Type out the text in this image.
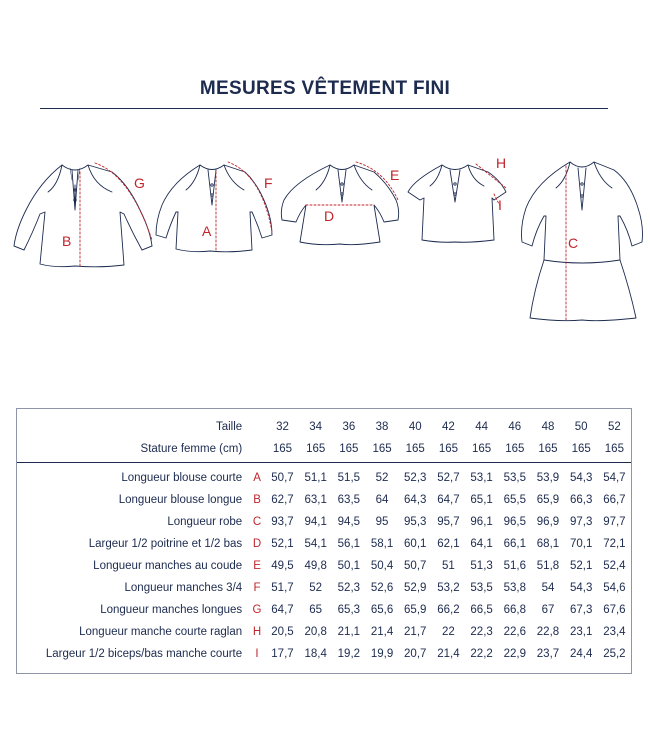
MESURES VÊTEMENT FINI
G
B
F
A
E
D
H
I
C
Taille		32	34	36	38	40	42	44	46	48	50	52
Stature femme (cm)		165	165	165	165	165	165	165	165	165	165	165
Longueur blouse courte	A	50,7	51,1	51,5	52	52,3	52,7	53,1	53,5	53,9	54,3	54,7
Longueur blouse longue	B	62,7	63,1	63,5	64	64,3	64,7	65,1	65,5	65,9	66,3	66,7
Longueur robe	C	93,7	94,1	94,5	95	95,3	95,7	96,1	96,5	96,9	97,3	97,7
Largeur 1/2 poitrine et 1/2 bas	D	52,1	54,1	56,1	58,1	60,1	62,1	64,1	66,1	68,1	70,1	72,1
Longueur manches au coude	E	49,5	49,8	50,1	50,4	50,7	51	51,3	51,6	51,8	52,1	52,4
Longueur manches 3/4	F	51,7	52	52,3	52,6	52,9	53,2	53,5	53,8	54	54,3	54,6
Longueur manches longues	G	64,7	65	65,3	65,6	65,9	66,2	66,5	66,8	67	67,3	67,6
Longueur manche courte raglan	H	20,5	20,8	21,1	21,4	21,7	22	22,3	22,6	22,8	23,1	23,4
Largeur 1/2 biceps/bas manche courte	I	17,7	18,4	19,2	19,9	20,7	21,4	22,2	22,9	23,7	24,4	25,2
